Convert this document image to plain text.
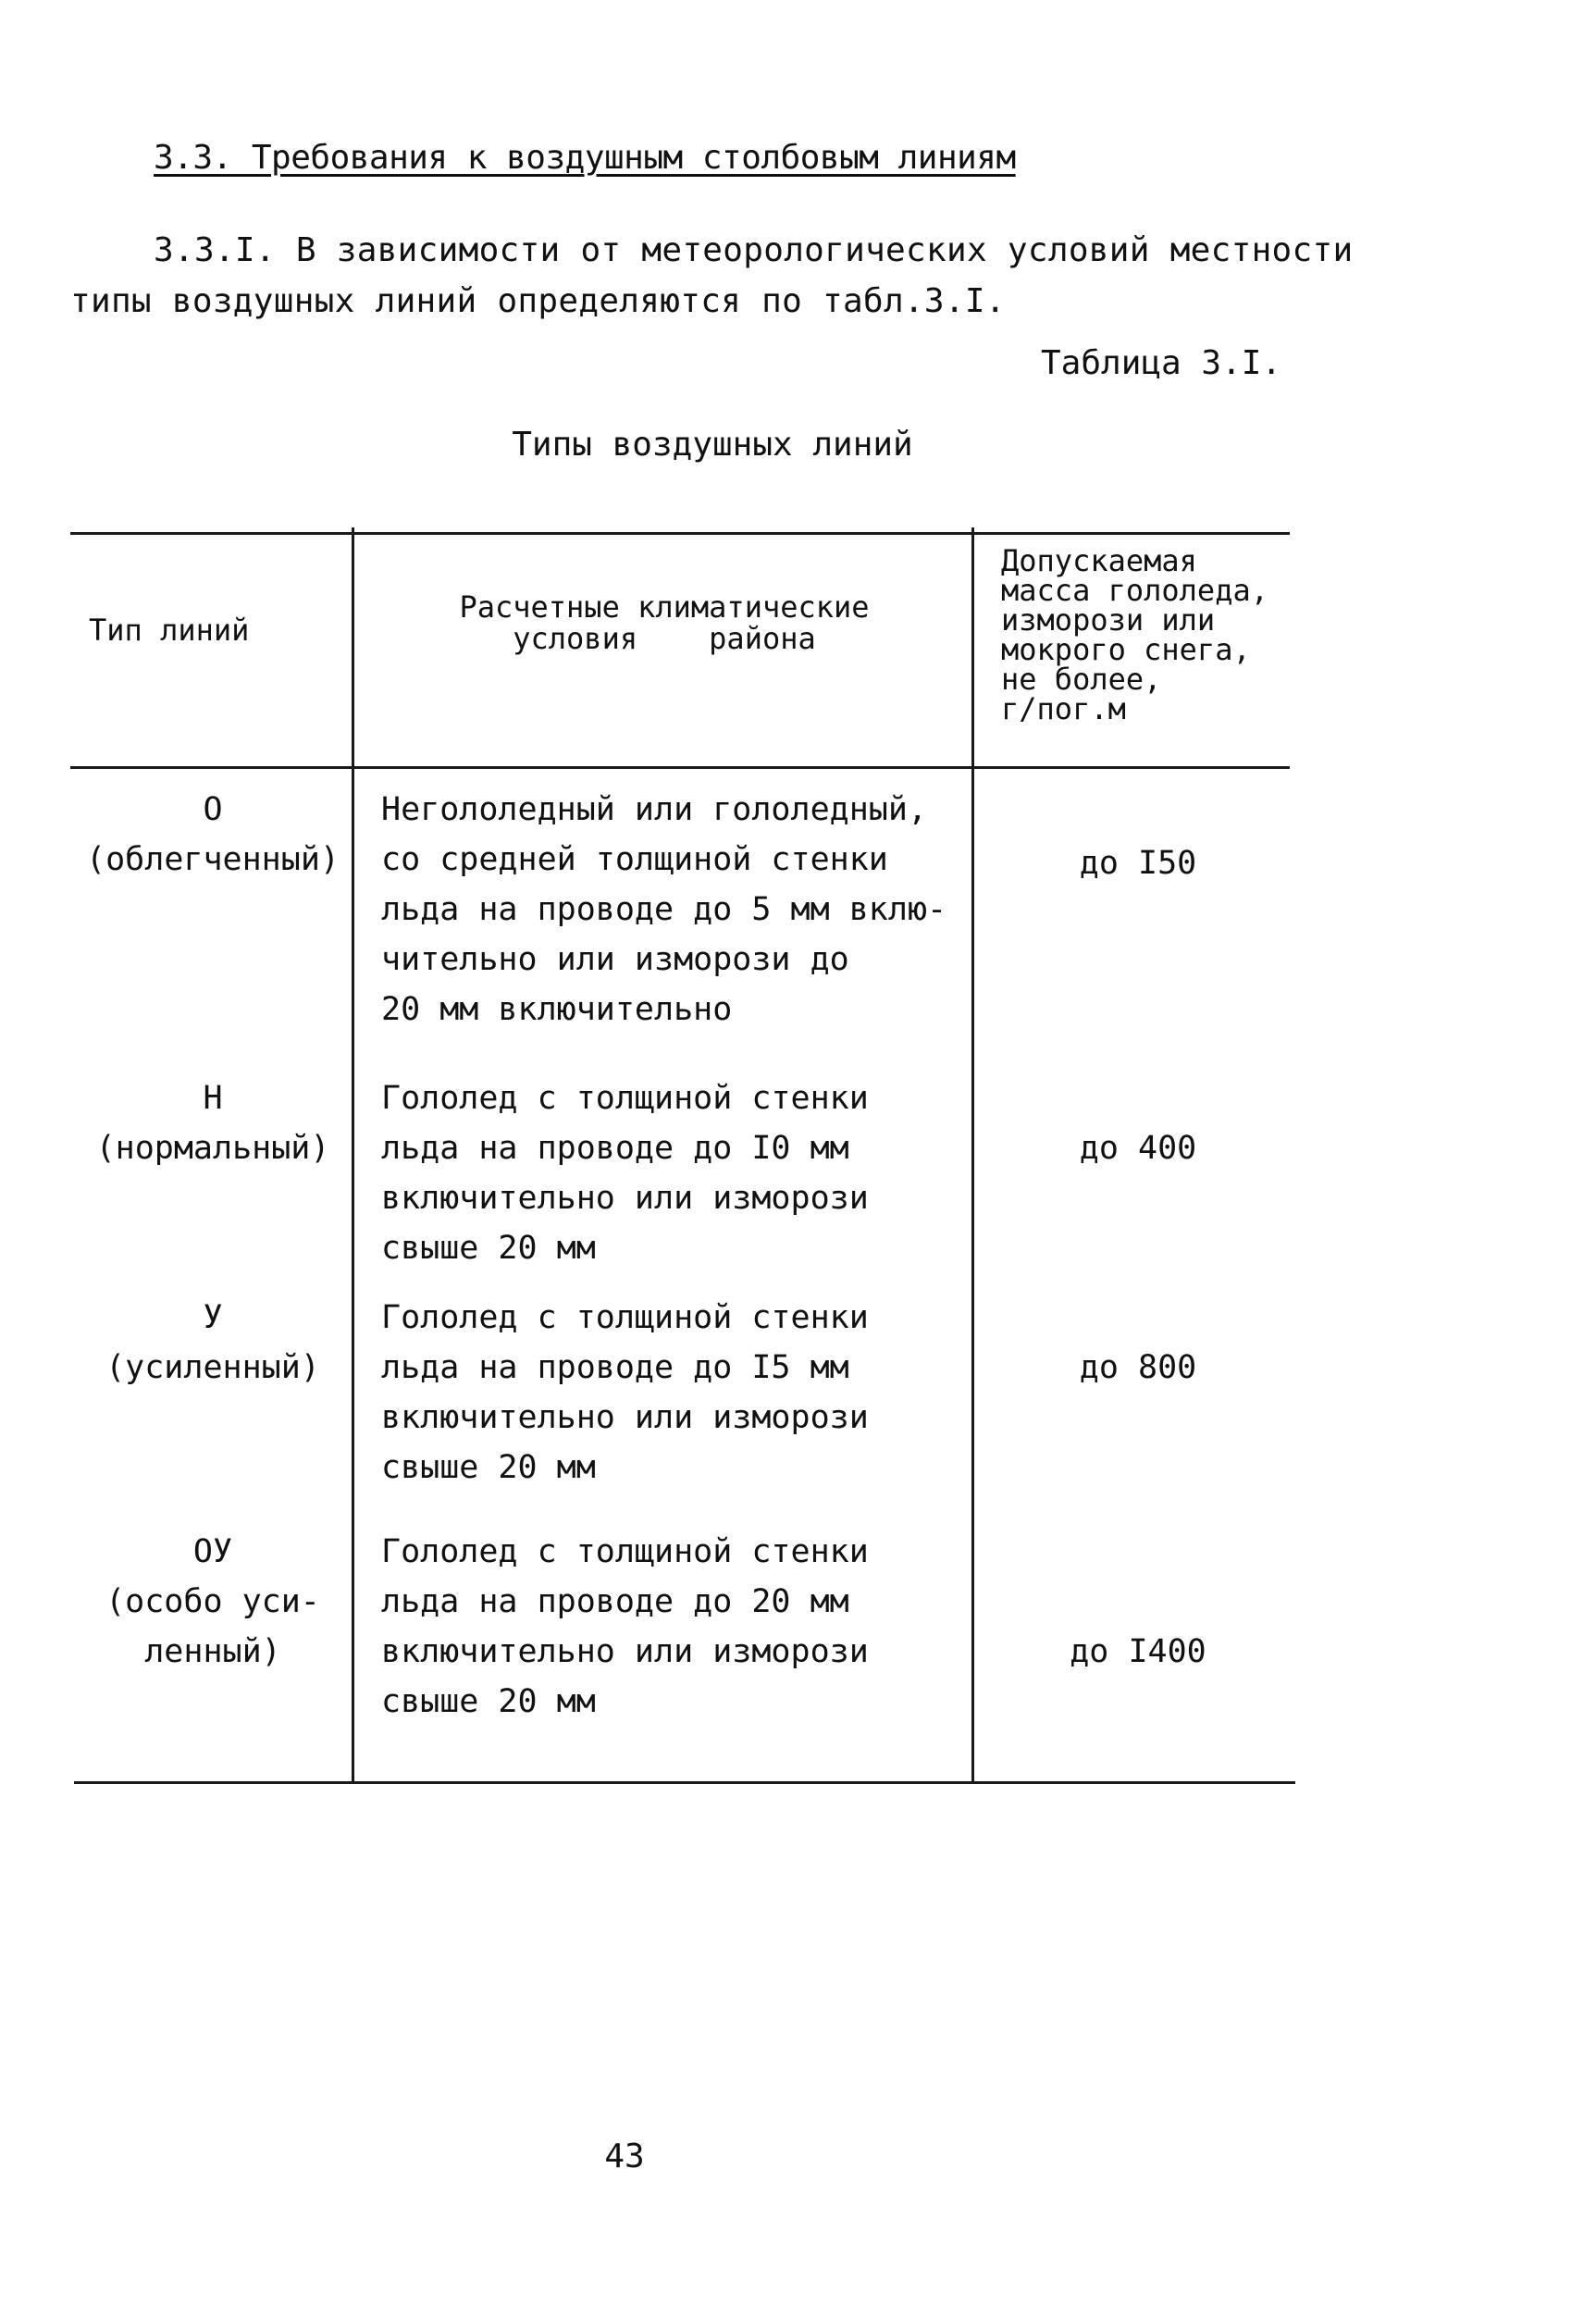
3.3. Требования к воздушным столбовым линиям
3.3.I. В зависимости от метеорологических условий местности
типы воздушных линий определяются по табл.3.I.
Таблица 3.I.
Типы воздушных линий
Тип линий
Расчетные климатические
условия    района
Допускаемая
масса гололеда,
изморози или
мокрого снега,
не более,
г/пог.м
О
(облегченный)
Негололедный или гололедный,
со средней толщиной стенки
льда на проводе до 5 мм вклю-
чительно или изморози до
20 мм включительно
до I50
Н
(нормальный)
Гололед с толщиной стенки
льда на проводе до I0 мм
включительно или изморози
свыше 20 мм
до 400
У
(усиленный)
Гололед с толщиной стенки
льда на проводе до I5 мм
включительно или изморози
свыше 20 мм
до 800
ОУ
(особо уси-
ленный)
Гололед с толщиной стенки
льда на проводе до 20 мм
включительно или изморози
свыше 20 мм
до I400
43
